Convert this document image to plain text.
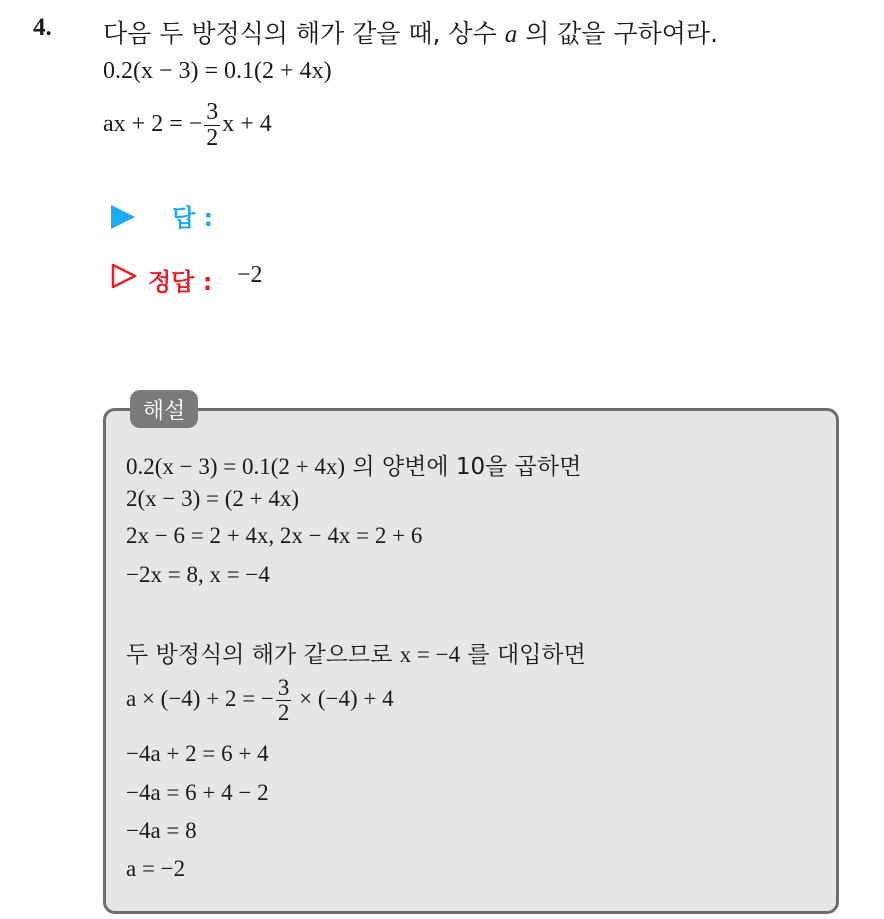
4. 다음 두 방정식의 해가 같을 때, 상수 a 의 값을 구하여라.
0.2(x − 3) = 0.1(2 + 4x)
ax + 2 = − $\frac{3}{2}$ x + 4
답 :
정답 : −2
해설
0.2(x − 3) = 0.1(2 + 4x) 의 양변에 10을 곱하면
2(x − 3) = (2 + 4x)
2x − 6 = 2 + 4x, 2x − 4x = 2 + 6
−2x = 8, x = −4
두 방정식의 해가 같으므로 x = −4 를 대입하면
a × (−4) + 2 = − $\frac{3}{2} \times (-4) + 4$
−4a + 2 = 6 + 4
−4a = 6 + 4 − 2
−4a = 8
a = −2
